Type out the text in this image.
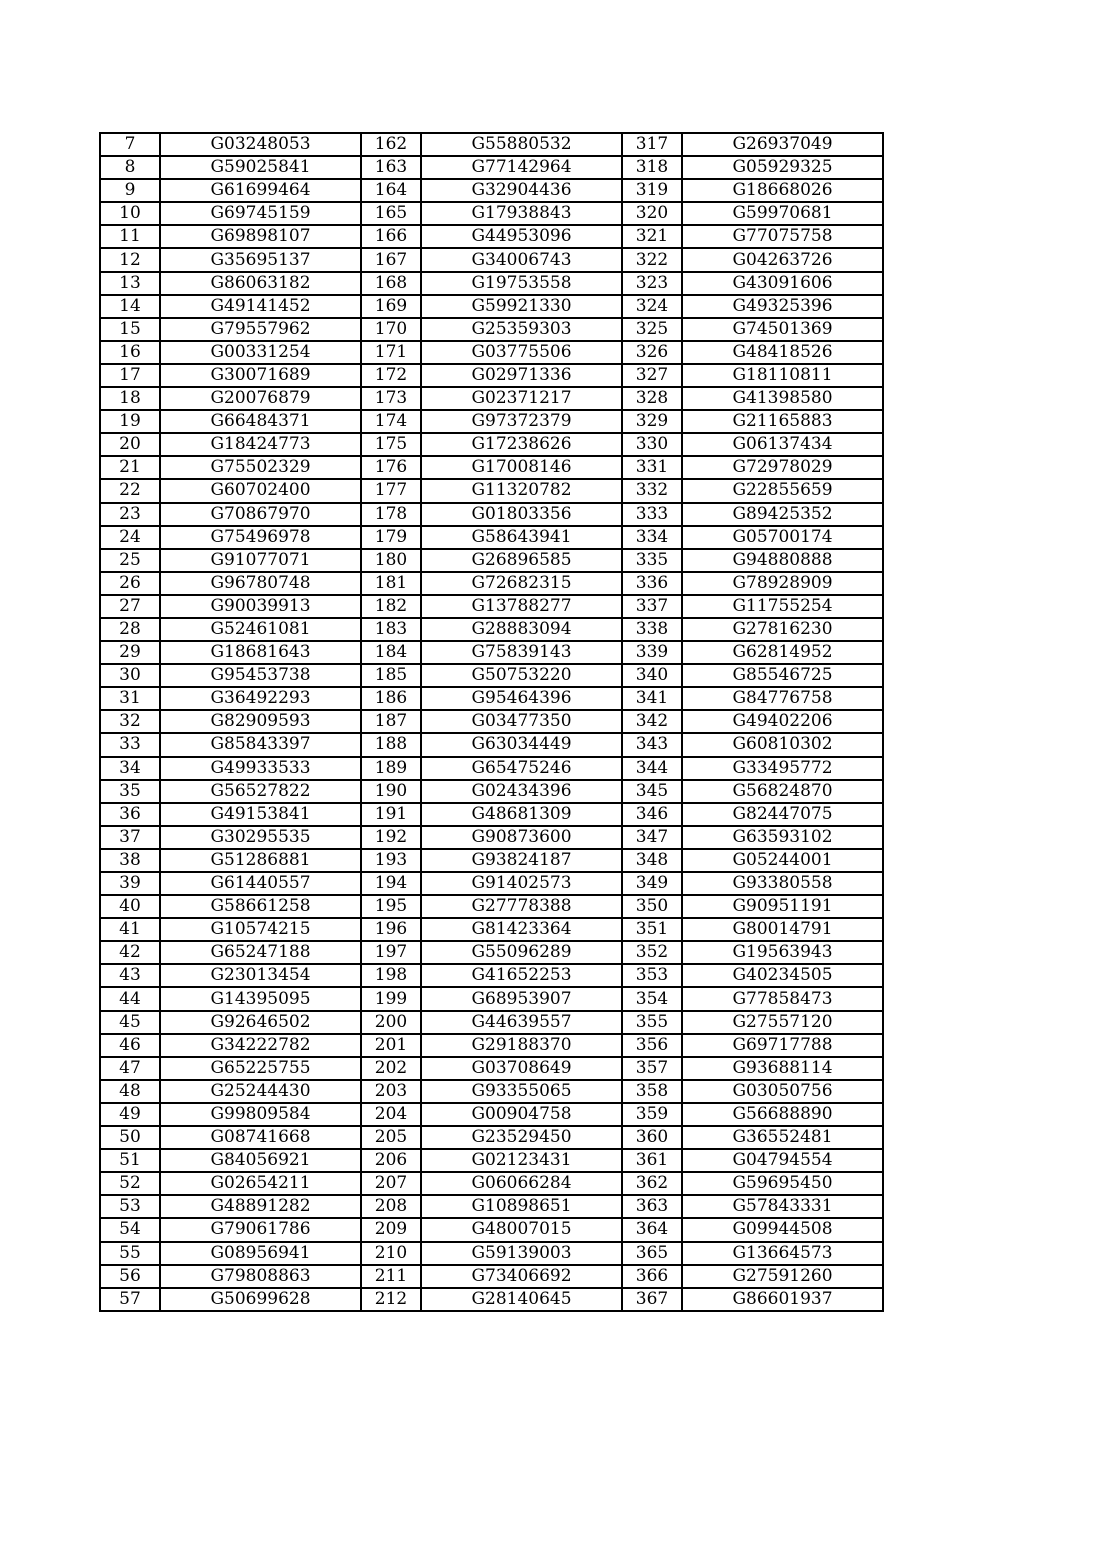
7	G03248053	162	G55880532	317	G26937049
8	G59025841	163	G77142964	318	G05929325
9	G61699464	164	G32904436	319	G18668026
10	G69745159	165	G17938843	320	G59970681
11	G69898107	166	G44953096	321	G77075758
12	G35695137	167	G34006743	322	G04263726
13	G86063182	168	G19753558	323	G43091606
14	G49141452	169	G59921330	324	G49325396
15	G79557962	170	G25359303	325	G74501369
16	G00331254	171	G03775506	326	G48418526
17	G30071689	172	G02971336	327	G18110811
18	G20076879	173	G02371217	328	G41398580
19	G66484371	174	G97372379	329	G21165883
20	G18424773	175	G17238626	330	G06137434
21	G75502329	176	G17008146	331	G72978029
22	G60702400	177	G11320782	332	G22855659
23	G70867970	178	G01803356	333	G89425352
24	G75496978	179	G58643941	334	G05700174
25	G91077071	180	G26896585	335	G94880888
26	G96780748	181	G72682315	336	G78928909
27	G90039913	182	G13788277	337	G11755254
28	G52461081	183	G28883094	338	G27816230
29	G18681643	184	G75839143	339	G62814952
30	G95453738	185	G50753220	340	G85546725
31	G36492293	186	G95464396	341	G84776758
32	G82909593	187	G03477350	342	G49402206
33	G85843397	188	G63034449	343	G60810302
34	G49933533	189	G65475246	344	G33495772
35	G56527822	190	G02434396	345	G56824870
36	G49153841	191	G48681309	346	G82447075
37	G30295535	192	G90873600	347	G63593102
38	G51286881	193	G93824187	348	G05244001
39	G61440557	194	G91402573	349	G93380558
40	G58661258	195	G27778388	350	G90951191
41	G10574215	196	G81423364	351	G80014791
42	G65247188	197	G55096289	352	G19563943
43	G23013454	198	G41652253	353	G40234505
44	G14395095	199	G68953907	354	G77858473
45	G92646502	200	G44639557	355	G27557120
46	G34222782	201	G29188370	356	G69717788
47	G65225755	202	G03708649	357	G93688114
48	G25244430	203	G93355065	358	G03050756
49	G99809584	204	G00904758	359	G56688890
50	G08741668	205	G23529450	360	G36552481
51	G84056921	206	G02123431	361	G04794554
52	G02654211	207	G06066284	362	G59695450
53	G48891282	208	G10898651	363	G57843331
54	G79061786	209	G48007015	364	G09944508
55	G08956941	210	G59139003	365	G13664573
56	G79808863	211	G73406692	366	G27591260
57	G50699628	212	G28140645	367	G86601937
